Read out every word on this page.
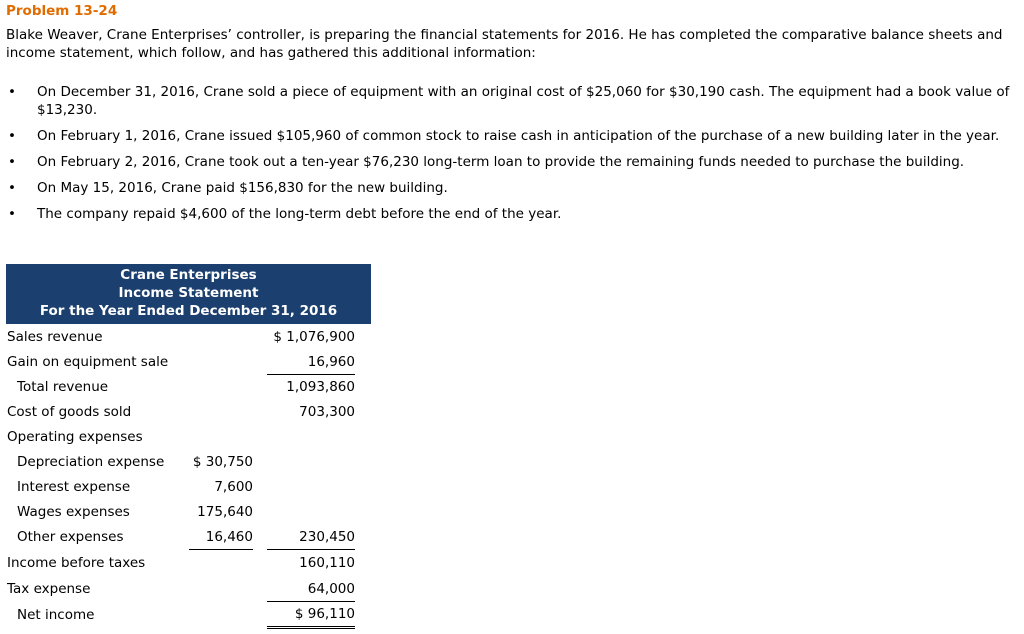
Problem 13-24
Blake Weaver, Crane Enterprises’ controller, is preparing the financial statements for 2016. He has completed the comparative balance sheets and income statement, which follow, and has gathered this additional information:
• On December 31, 2016, Crane sold a piece of equipment with an original cost of $25,060 for $30,190 cash. The equipment had a book value of $13,230.
• On February 1, 2016, Crane issued $105,960 of common stock to raise cash in anticipation of the purchase of a new building later in the year.
• On February 2, 2016, Crane took out a ten-year $76,230 long-term loan to provide the remaining funds needed to purchase the building.
• On May 15, 2016, Crane paid $156,830 for the new building.
• The company repaid $4,600 of the long-term debt before the end of the year.
Crane Enterprises
Income Statement
For the Year Ended December 31, 2016
Sales revenue	$ 1,076,900
Gain on equipment sale	16,960
Total revenue	1,093,860
Cost of goods sold	703,300
Operating expenses
Depreciation expense $ 30,750
Interest expense	7,600
Wages expenses	175,640
Other expenses	16,460	230,450
Income before taxes	160,110
Tax expense	64,000
Net income	$ 96,110
